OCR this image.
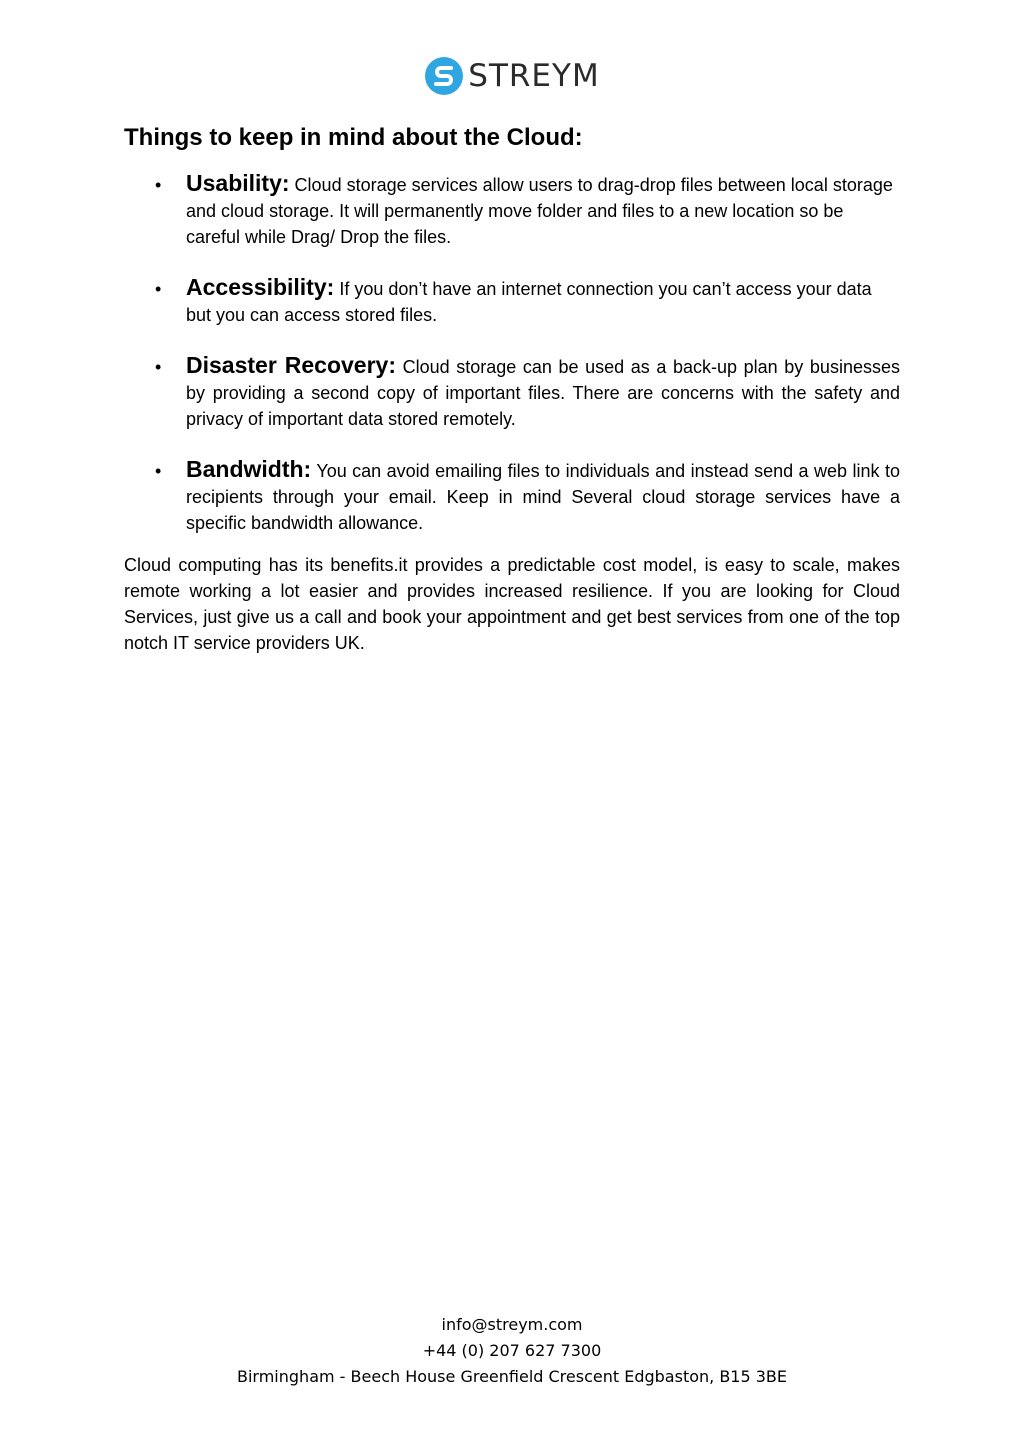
STREYM
Things to keep in mind about the Cloud:
• Usability: Cloud storage services allow users to drag-drop files between local storage and cloud storage. It will permanently move folder and files to a new location so be careful while Drag/ Drop the files.
• Accessibility: If you don’t have an internet connection you can’t access your data but you can access stored files.
• Disaster Recovery: Cloud storage can be used as a back-up plan by businesses by providing a second copy of important files. There are concerns with the safety and privacy of important data stored remotely.
• Bandwidth: You can avoid emailing files to individuals and instead send a web link to recipients through your email. Keep in mind Several cloud storage services have a specific bandwidth allowance.

Cloud computing has its benefits.it provides a predictable cost model, is easy to scale, makes remote working a lot easier and provides increased resilience. If you are looking for Cloud Services, just give us a call and book your appointment and get best services from one of the top notch IT service providers UK.

info@streym.com
+44 (0) 207 627 7300
Birmingham - Beech House Greenfield Crescent Edgbaston, B15 3BE
